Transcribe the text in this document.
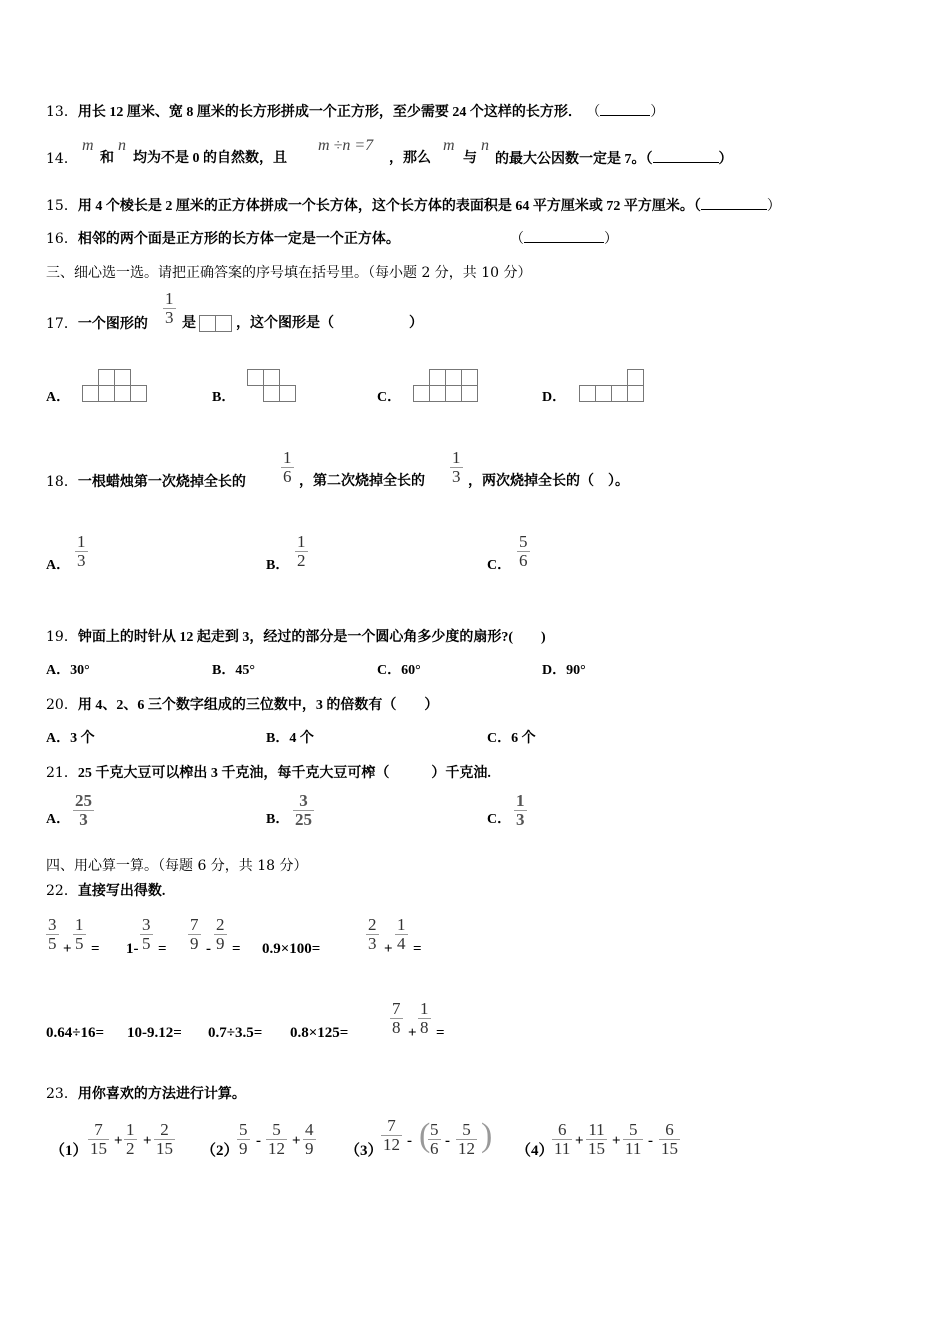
13．用长 12 厘米、宽 8 厘米的长方形拼成一个正方形，至少需要 24 个这样的长方形． （	）
14．
m
和
n
均为不是 0 的自然数，且
m ÷n =7
，那么
m
与
n
的最大公因数一定是 7。（	）
15．用 4 个棱长是 2 厘米的正方体拼成一个长方体，这个长方体的表面积是 64 平方厘米或 72 平方厘米。（	）
16．相邻的两个面是正方形的长方体一定是一个正方体。	（	）
三、细心选一选。请把正确答案的序号填在括号里。（每小题 2 分，共 10 分）
17．一个图形的
1
3 是	，这个图形是（	）
A．	B．	C．	D．
18．一根蜡烛第一次烧掉全长的
1
6 ，第二次烧掉全长的
1
3 ，两次烧掉全长的（　）。
A．
1
3	B．
1
2	C．
5
6
19．钟面上的时针从 12 起走到 3，经过的部分是一个圆心角多少度的扇形?(　　)
A．30°	B．45°	C．60°	D．90°
20．用 4、2、6 三个数字组成的三位数中，3 的倍数有（　　）
A．3 个	B．4 个	C．6 个
21．25 千克大豆可以榨出 3 千克油，每千克大豆可榨（　　　）千克油.
A．
25
3	B．
3
25	C．
1
3
四、用心算一算。（每题 6 分，共 18 分）
22．直接写出得数.
3
5 +
1
5 = 1-
3
5 =
7
9 -
2
9 = 0.9×100=
2
3 +
1
4 =
0.64÷16= 10-9.12= 0.7÷3.5= 0.8×125=
7
8 +
1
8 =
23．用你喜欢的方法进行计算。
（1）
7
15 +
1
2 +
2
15 （2）
5
9 -
5
12 +
4
9 （3）
7
12 - ( 5
6 -
5
12 ) （4）
6
11 +
11
15 +
5
11 -
6
15
